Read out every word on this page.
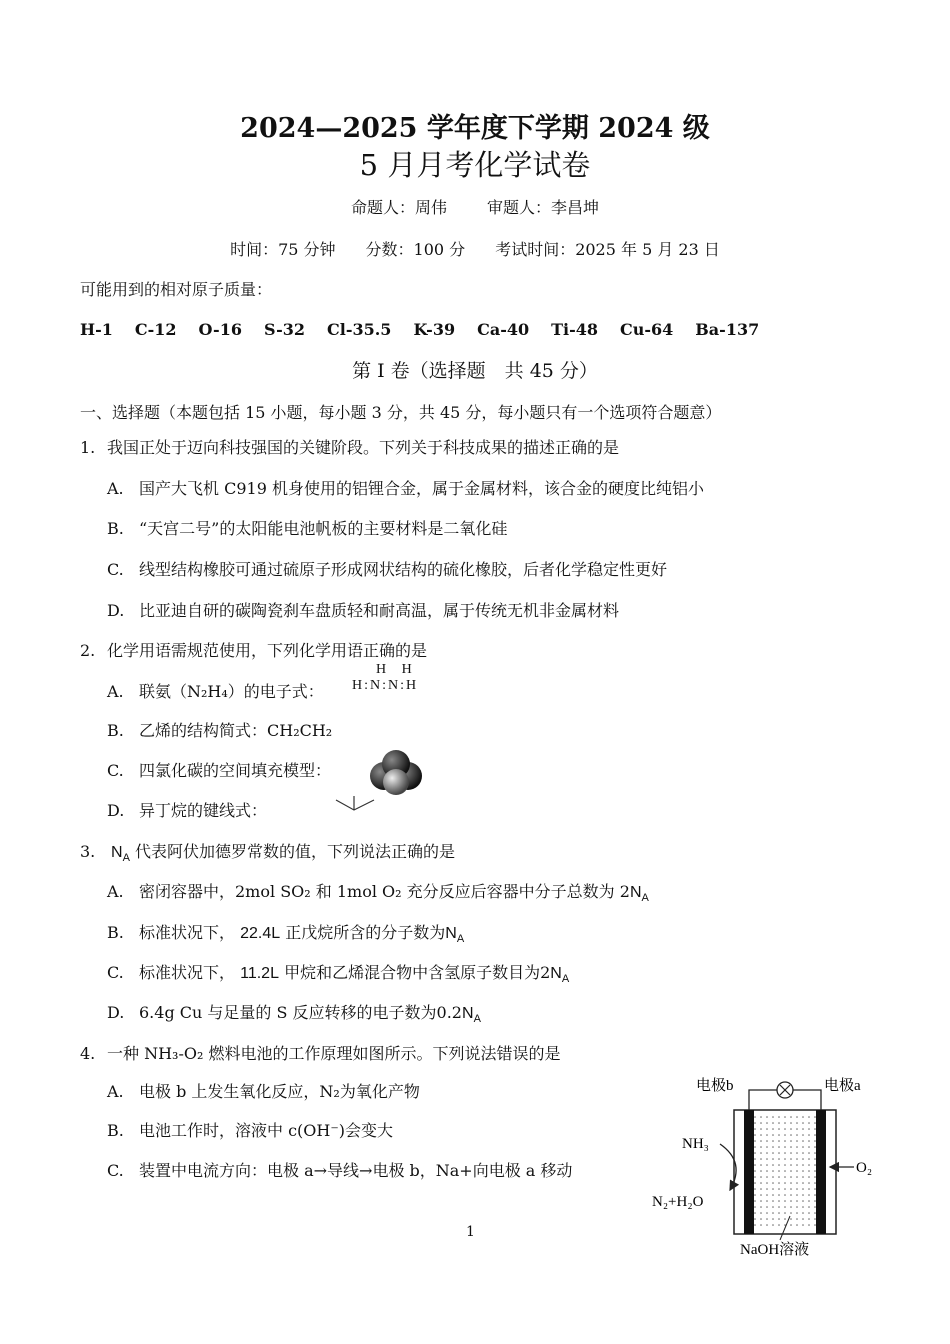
2024—2025 学年度下学期 2024 级
5 月月考化学试卷
命题人：周伟	审题人：李昌坤
时间：75 分钟 分数：100 分 考试时间：2025 年 5 月 23 日
可能用到的相对原子质量：
H-1 C-12 O-16 S-32 Cl-35.5 K-39 Ca-40 Ti-48 Cu-64 Ba-137
第 Ⅰ 卷（选择题　共 45 分）
一、选择题（本题包括 15 小题，每小题 3 分，共 45 分，每小题只有一个选项符合题意）
1. 我国正处于迈向科技强国的关键阶段。下列关于科技成果的描述正确的是
A. 国产大飞机 C919 机身使用的铝锂合金，属于金属材料，该合金的硬度比纯铝小
B. “天宫二号”的太阳能电池帆板的主要材料是二氧化硅
C. 线型结构橡胶可通过硫原子形成网状结构的硫化橡胶，后者化学稳定性更好
D. 比亚迪自研的碳陶瓷刹车盘质轻和耐高温，属于传统无机非金属材料
2. 化学用语需规范使用，下列化学用语正确的是
A. 联氨（N₂H₄）的电子式：
H H
H:N:N:H
B. 乙烯的结构简式：CH₂CH₂
C. 四氯化碳的空间填充模型：
D. 异丁烷的键线式：
3. $N_A$ 代表阿伏加德罗常数的值，下列说法正确的是
A. 密闭容器中，2mol SO₂ 和 1mol O₂ 充分反应后容器中分子总数为 $2N_A$
B. 标准状况下， 22.4L 正戊烷所含的分子数为$N_A$
C. 标准状况下， 11.2L 甲烷和乙烯混合物中含氢原子数目为$2N_A$
D. 6.4g Cu 与足量的 S 反应转移的电子数为$0.2N_A$
4. 一种 NH₃-O₂ 燃料电池的工作原理如图所示。下列说法错误的是
A. 电极 b 上发生氧化反应，N₂为氧化产物
B. 电池工作时，溶液中 c(OH⁻)会变大
C. 装置中电流方向：电极 a→导线→电极 b，Na+向电极 a 移动
电极b	电极a
NH₃
N₂+H₂O
O₂
NaOH溶液
1
